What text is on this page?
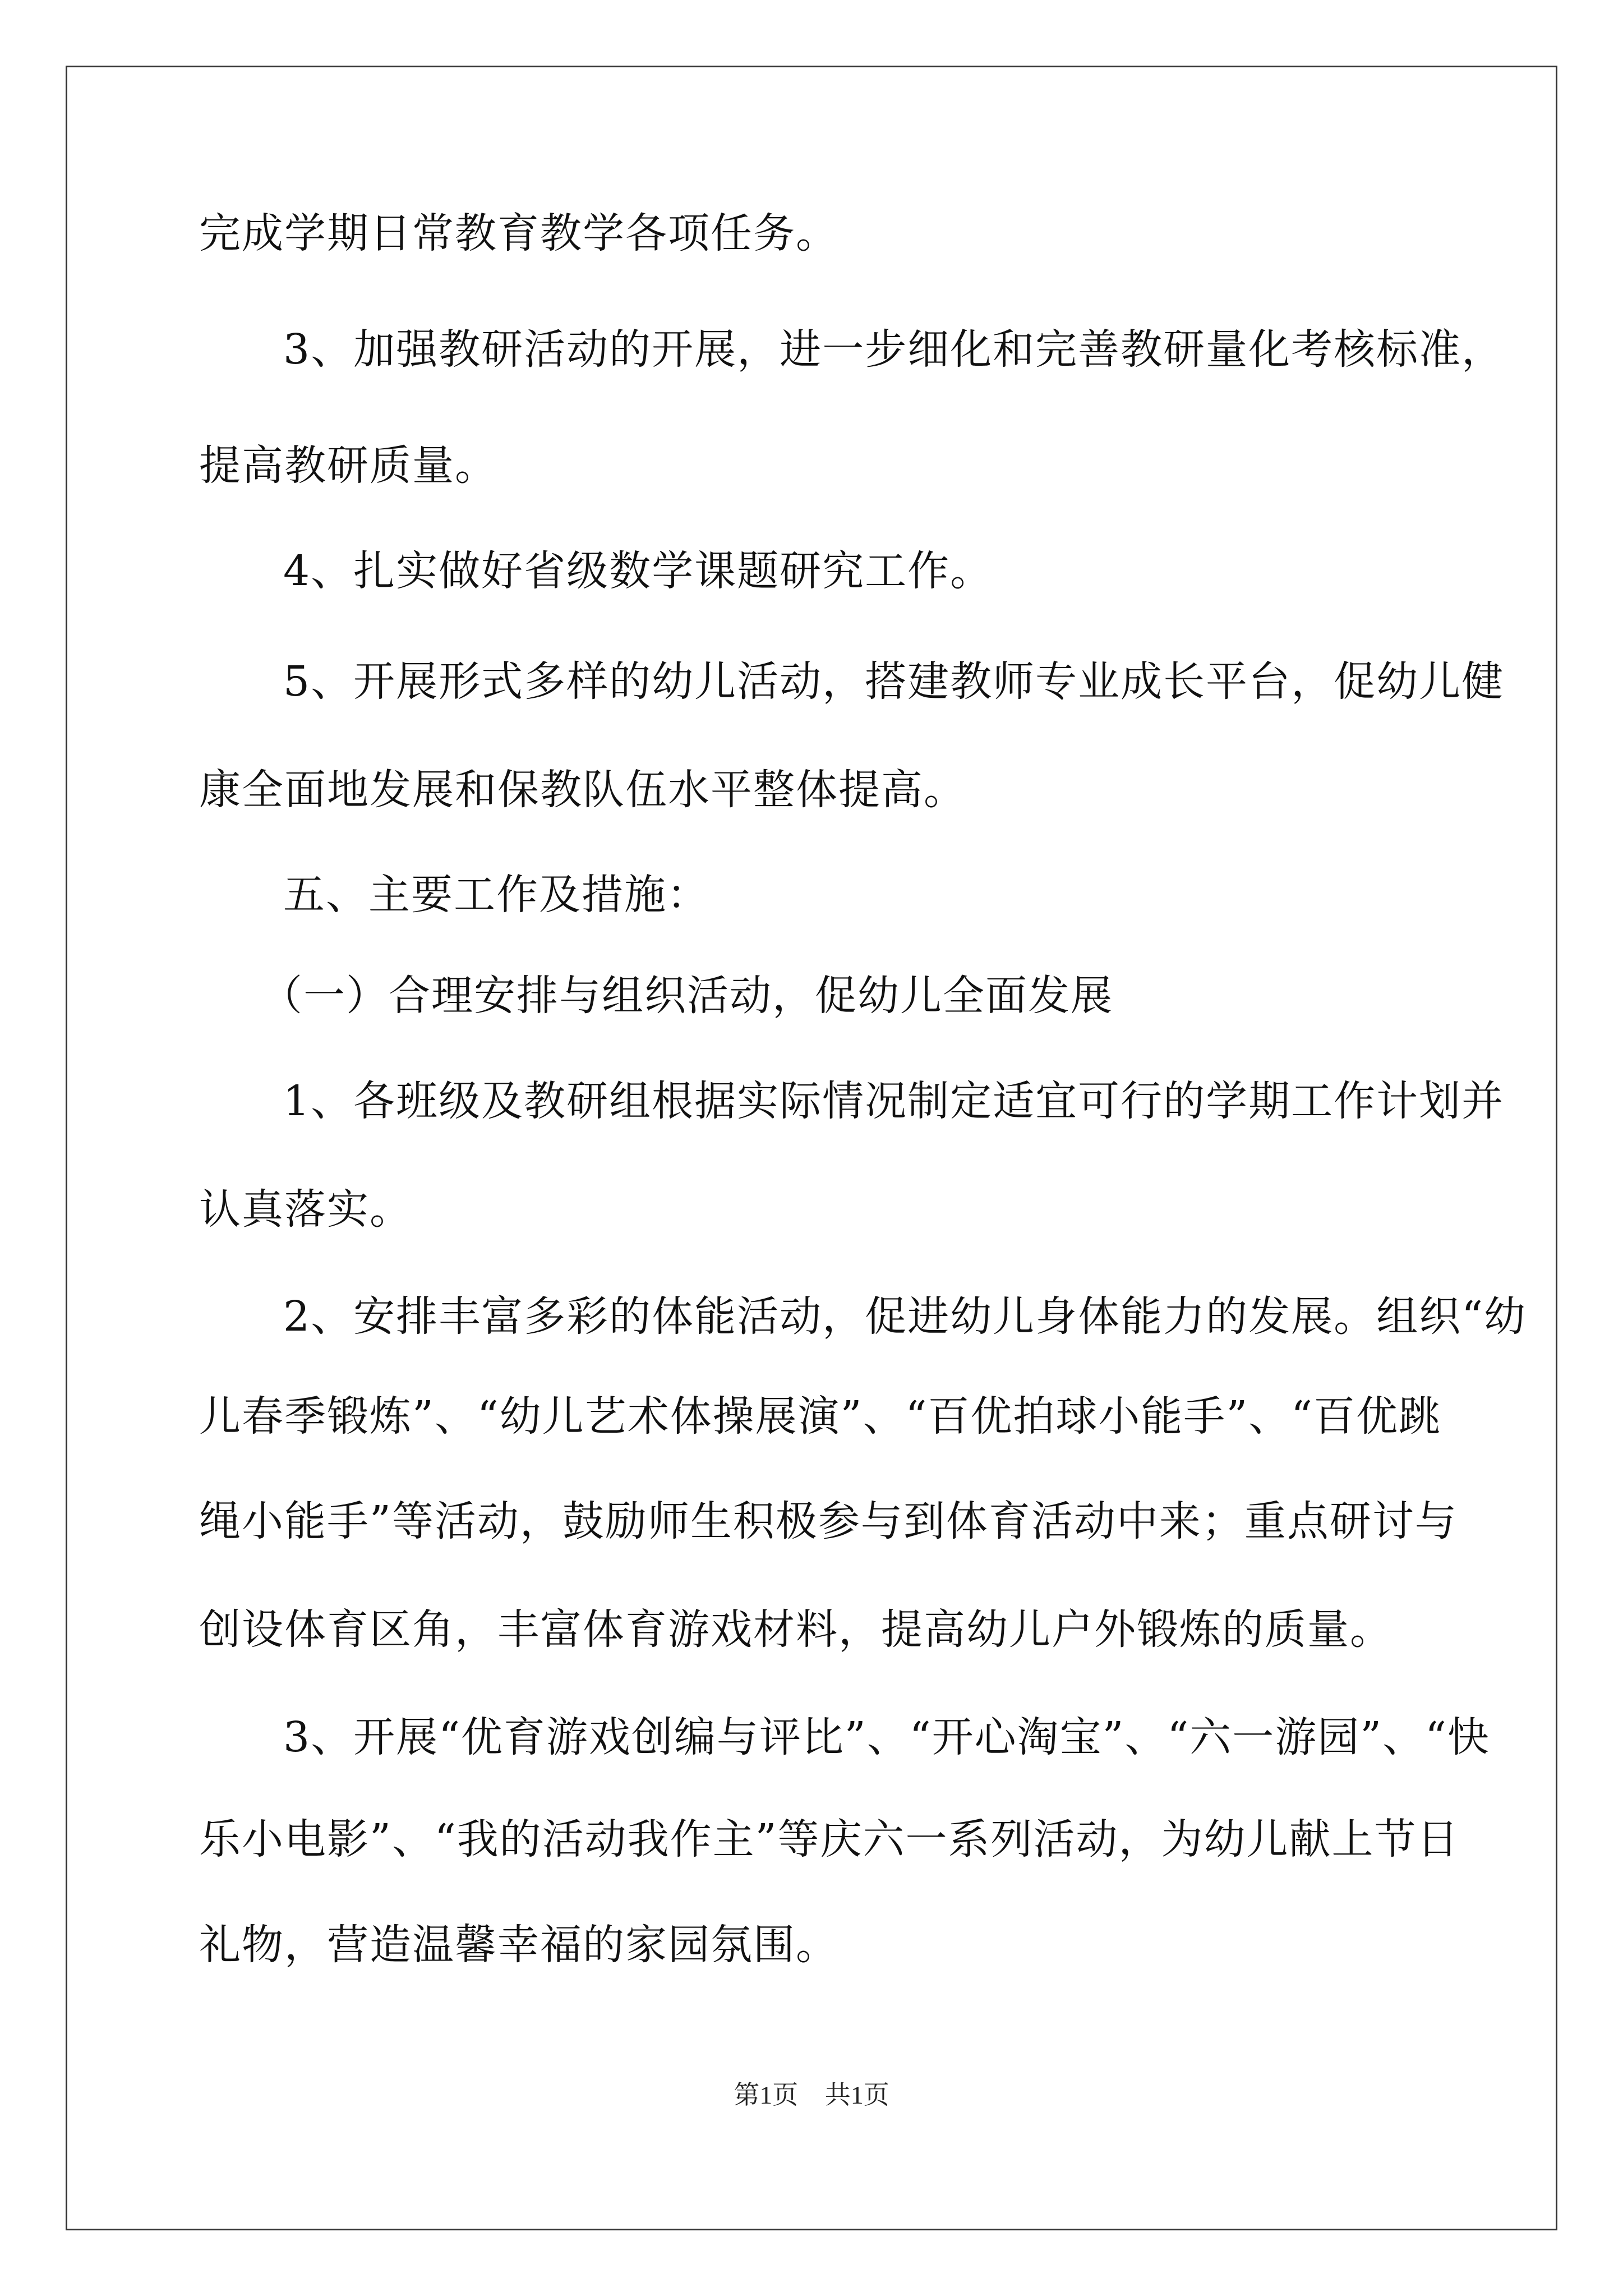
完成学期日常教育教学各项任务。
3、加强教研活动的开展，进一步细化和完善教研量化考核标准，
提高教研质量。
4、扎实做好省级数学课题研究工作。
5、开展形式多样的幼儿活动，搭建教师专业成长平台，促幼儿健
康全面地发展和保教队伍水平整体提高。
五、主要工作及措施：
（一）合理安排与组织活动，促幼儿全面发展
1、各班级及教研组根据实际情况制定适宜可行的学期工作计划并
认真落实。
2、安排丰富多彩的体能活动，促进幼儿身体能力的发展。组织“幼
儿春季锻炼”、“幼儿艺术体操展演”、“百优拍球小能手”、“百优跳
绳小能手”等活动，鼓励师生积极参与到体育活动中来；重点研讨与
创设体育区角，丰富体育游戏材料，提高幼儿户外锻炼的质量。
3、开展“优育游戏创编与评比”、“开心淘宝”、“六一游园”、“快
乐小电影”、“我的活动我作主”等庆六一系列活动，为幼儿献上节日
礼物，营造温馨幸福的家园氛围。
第1页 共1页
